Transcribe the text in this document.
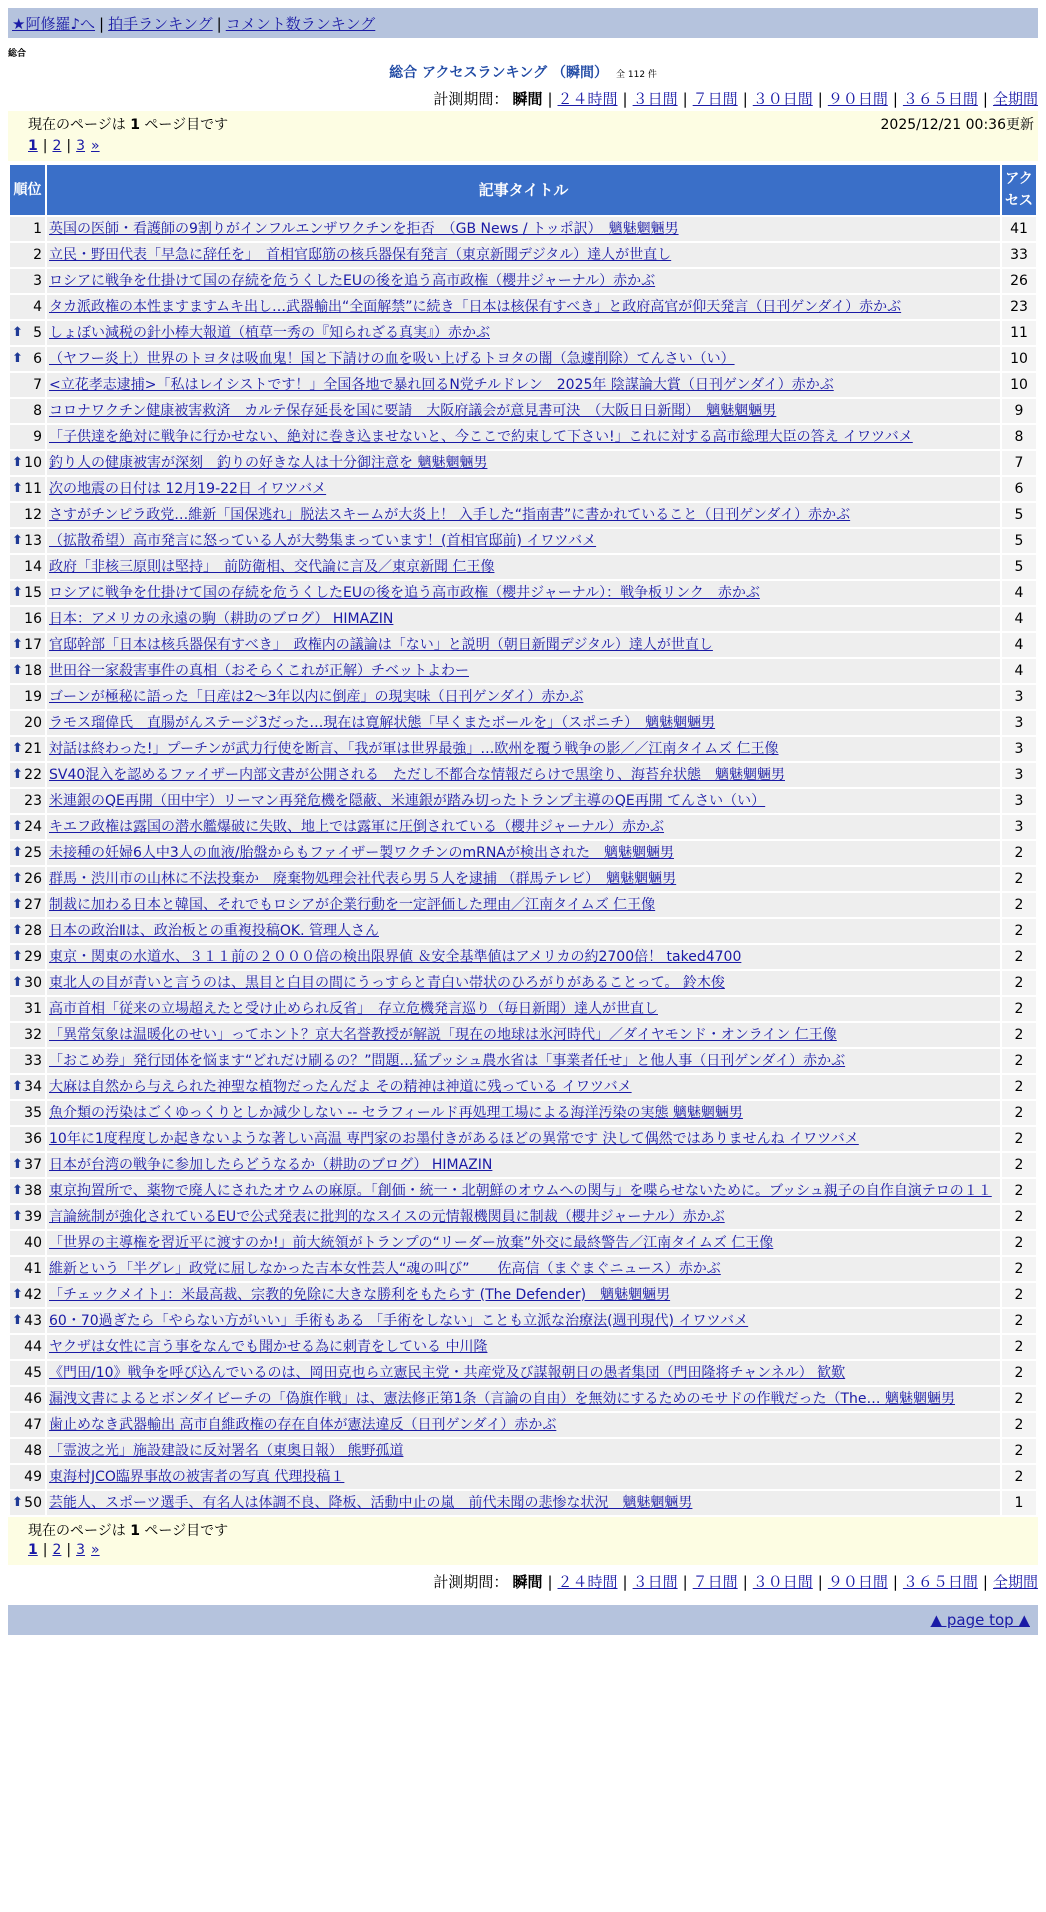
★阿修羅♪へ | 拍手ランキング | コメント数ランキング
総合
総合 アクセスランキング （瞬間） 全 112 件
計測期間： 瞬間 | ２４時間 | ３日間 | ７日間 | ３０日間 | ９０日間 | ３６５日間 | 全期間
現在のページは 1 ページ目です	2025/12/21 00:36更新
1 | 2 | 3 »
順位	記事タイトル	アクセス
1	英国の医師・看護師の9割りがインフルエンザワクチンを拒否　（GB News / トッポ訳）　魑魅魍魎男	41
2	立民・野田代表「早急に辞任を」　首相官邸筋の核兵器保有発言（東京新聞デジタル）達人が世直し	33
3	ロシアに戦争を仕掛けて国の存続を危うくしたEUの後を追う高市政権（櫻井ジャーナル）赤かぶ	26
4	タカ派政権の本性ますますムキ出し…武器輸出“全面解禁”に続き「日本は核保有すべき」と政府高官が仰天発言（日刊ゲンダイ）赤かぶ	23

⬆ 5	しょぼい減税の針小棒大報道（植草一秀の『知られざる真実』）赤かぶ	11

⬆ 6	（ヤフー炎上）世界のトヨタは吸血鬼！国と下請けの血を吸い上げるトヨタの闇（急遽削除）てんさい（い）	10
7	<立花孝志逮捕>「私はレイシストです！」全国各地で暴れ回るN党チルドレン　2025年 陰謀論大賞（日刊ゲンダイ）赤かぶ	10
8	コロナワクチン健康被害救済　カルテ保存延長を国に要請　大阪府議会が意見書可決　（大阪日日新聞）　魑魅魍魎男	9
9	「子供達を絶対に戦争に行かせない、絶対に巻き込ませないと、今ここで約束して下さい!」これに対する高市総理大臣の答え イワツバメ	8

⬆ 10	釣り人の健康被害が深刻　釣りの好きな人は十分御注意を 魑魅魍魎男	7

⬆ 11	次の地震の日付は 12月19-22日 イワツバメ	6
12	さすがチンピラ政党…維新「国保逃れ」脱法スキームが大炎上！ 入手した“指南書”に書かれていること（日刊ゲンダイ）赤かぶ	5

⬆ 13	（拡散希望）高市発言に怒っている人が大勢集まっています！(首相官邸前) イワツバメ	5
14	政府「非核三原則は堅持」　前防衛相、交代論に言及／東京新聞 仁王像	5

⬆ 15	ロシアに戦争を仕掛けて国の存続を危うくしたEUの後を追う高市政権（櫻井ジャーナル）：戦争板リンク　赤かぶ	4
16	日本：アメリカの永遠の駒（耕助のブログ） HIMAZIN	4

⬆ 17	官邸幹部「日本は核兵器保有すべき」　政権内の議論は「ない」と説明（朝日新聞デジタル）達人が世直し	4

⬆ 18	世田谷一家殺害事件の真相（おそらくこれが正解）チベットよわー	4
19	ゴーンが極秘に語った「日産は2～3年以内に倒産」の現実味（日刊ゲンダイ）赤かぶ	3
20	ラモス瑠偉氏　直腸がんステージ3だった…現在は寛解状態「早くまたボールを」（スポニチ）　魑魅魍魎男	3

⬆ 21	対話は終わった!」プーチンが武力行使を断言、「我が軍は世界最強」…欧州を覆う戦争の影／／江南タイムズ 仁王像	3

⬆ 22	SV40混入を認めるファイザー内部文書が公開される　ただし不都合な情報だらけで黒塗り、海苔弁状態　魑魅魍魎男	3
23	米連銀のQE再開（田中宇）リーマン再発危機を隠蔽、米連銀が踏み切ったトランプ主導のQE再開 てんさい（い）	3

⬆ 24	キエフ政権は露国の潜水艦爆破に失敗、地上では露軍に圧倒されている（櫻井ジャーナル）赤かぶ	3

⬆ 25	未接種の妊婦6人中3人の血液/胎盤からもファイザー製ワクチンのmRNAが検出された　魑魅魍魎男	2

⬆ 26	群馬・渋川市の山林に不法投棄か　廃棄物処理会社代表ら男５人を逮捕 （群馬テレビ）　魑魅魍魎男	2

⬆ 27	制裁に加わる日本と韓国、それでもロシアが企業行動を一定評価した理由／江南タイムズ 仁王像	2

⬆ 28	日本の政治Ⅱは、政治板との重複投稿OK. 管理人さん	2

⬆ 29	東京・関東の水道水、３１１前の２０００倍の検出限界値 ＆安全基準値はアメリカの約2700倍！ taked4700	2

⬆ 30	東北人の目が青いと言うのは、黒目と白目の間にうっすらと青白い帯状のひろがりがあることって。 鈴木俊	2
31	高市首相「従来の立場超えたと受け止められ反省」　存立危機発言巡り（毎日新聞）達人が世直し	2
32	「異常気象は温暖化のせい」ってホント？京大名誉教授が解説「現在の地球は氷河時代」／ダイヤモンド・オンライン 仁王像	2
33	「おこめ券」発行団体を悩ます“どれだけ刷るの？”問題…猛プッシュ農水省は「事業者任せ」と他人事（日刊ゲンダイ）赤かぶ	2

⬆ 34	大麻は自然から与えられた神聖な植物だったんだよ その精神は神道に残っている イワツバメ	2
35	魚介類の汚染はごくゆっくりとしか減少しない -- セラフィールド再処理工場による海洋汚染の実態 魑魅魍魎男	2
36	10年に1度程度しか起きないような著しい高温 専門家のお墨付きがあるほどの異常です 決して偶然ではありませんね イワツバメ	2

⬆ 37	日本が台湾の戦争に参加したらどうなるか（耕助のブログ） HIMAZIN	2

⬆ 38	東京拘置所で、薬物で廃人にされたオウムの麻原。「創価・統一・北朝鮮のオウムへの関与」を喋らせないために。ブッシュ親子の自作自演テロの１１	2

⬆ 39	言論統制が強化されているEUで公式発表に批判的なスイスの元情報機関員に制裁（櫻井ジャーナル）赤かぶ	2
40	「世界の主導権を習近平に渡すのか!」前大統領がトランプの“リーダー放棄”外交に最終警告／江南タイムズ 仁王像	2
41	維新という「半グレ」政党に屈しなかった吉本女性芸人“魂の叫び”　　佐高信（まぐまぐニュース）赤かぶ	2

⬆ 42	「チェックメイト」：米最高裁、宗教的免除に大きな勝利をもたらす (The Defender)　魑魅魍魎男	2

⬆ 43	60・70過ぎたら「やらない方がいい」手術もある 「手術をしない」ことも立派な治療法(週刊現代) イワツバメ	2
44	ヤクザは女性に言う事をなんでも聞かせる為に刺青をしている 中川隆	2
45	《門田/10》戦争を呼び込んでいるのは、岡田克也ら立憲民主党・共産党及び謀報朝日の愚者集団（門田隆将チャンネル） 歓歎	2
46	漏洩文書によるとボンダイビーチの「偽旗作戦」は、憲法修正第1条（言論の自由）を無効にするためのモサドの作戦だった（The… 魑魅魍魎男	2
47	歯止めなき武器輸出 高市自維政権の存在自体が憲法違反（日刊ゲンダイ）赤かぶ	2
48	「霊波之光」施設建設に反対署名（東奥日報） 熊野孤道	2
49	東海村JCO臨界事故の被害者の写真 代理投稿１	2

⬆ 50	芸能人、スポーツ選手、有名人は体調不良、降板、活動中止の嵐　前代未聞の悲惨な状況　魑魅魍魎男	1
現在のページは 1 ページ目です
1 | 2 | 3 »
計測期間： 瞬間 | ２４時間 | ３日間 | ７日間 | ３０日間 | ９０日間 | ３６５日間 | 全期間
▲ page top ▲
